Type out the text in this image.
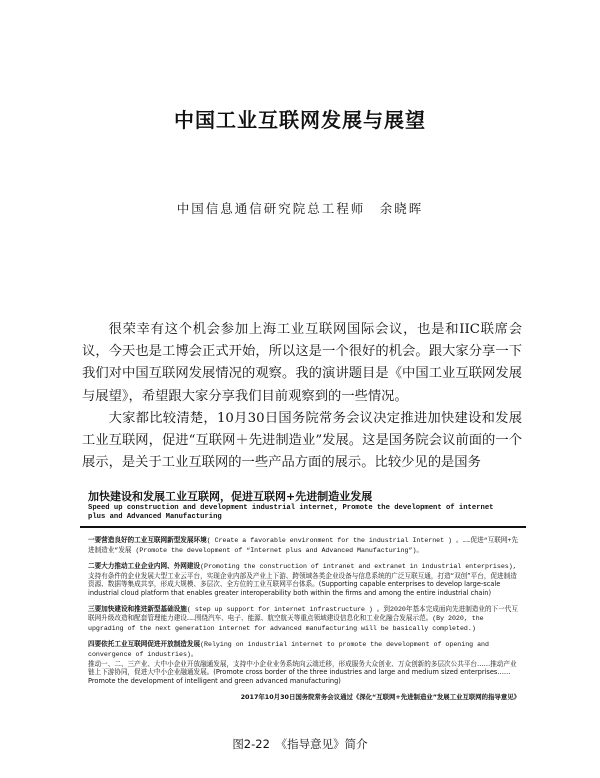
中国工业互联网发展与展望
中国信息通信研究院总工程师　余晓晖

很荣幸有这个机会参加上海工业互联网国际会议，也是和IIC联席会议，今天也是工博会正式开始，所以这是一个很好的机会。跟大家分享一下我们对中国互联网发展情况的观察。我的演讲题目是《中国工业互联网发展与展望》，希望跟大家分享我们目前观察到的一些情况。

大家都比较清楚，10月30日国务院常务会议决定推进加快建设和发展工业互联网，促进“互联网＋先进制造业”发展。这是国务院会议前面的一个展示，是关于工业互联网的一些产品方面的展示。比较少见的是国务

加快建设和发展工业互联网，促进互联网+先进制造业发展
Speed up construction and development industrial internet, Promote the development of internet plus and Advanced Manufacturing
一要营造良好的工业互联网新型发展环境( Create a favorable environment for the industrial Internet ) 。……促进“互联网+先进制造业”发展 (Promote the development of “Internet plus and Advanced Manufacturing”)。
二要大力推动工业企业内网、外网建设(Promoting the construction of intranet and extranet in industrial enterprises),
支持有条件的企业发展大型工业云平台，实现企业内部及产业上下游、跨领域各类企业设备与信息系统的广泛互联互通，打造“双创”平台，促进制造资源、数据等集成共享，形成大规模、多层次、全方位的工业互联网平台体系。(Supporting capable enterprises to develop large-scale industrial cloud platform that enables greater interoperability both within the firms and among the entire industrial chain)
三要加快建设和推进新型基础设施( step up support for internet infrastructure ) 。到2020年基本完成面向先进制造业的下一代互联网升级改造和配套管理能力建设……围绕汽车、电子、能源、航空航天等重点领域建设信息化和工业化融合发展示范。(By 2020, the upgrading of the next generation internet for advanced manufacturing will be basically completed.)
四要依托工业互联网促进开放制造发展(Relying on industrial internet to promote the development of opening and convergence of industries)。
推动一、二、三产业、大中小企业开放融通发展，支持中小企业业务系统向云端迁移，形成服务大众创业、万众创新的多层次公共平台……推动产业链上下游协同，促进大中小企业融通发展。(Promote cross border of the three industries and large and medium sized enterprises……Promote the development of intelligent and green advanced manufacturing)
2017年10月30日国务院常务会议通过《深化“互联网+先进制造业”发展工业互联网的指导意见》
图2-22　《指导意见》简介
